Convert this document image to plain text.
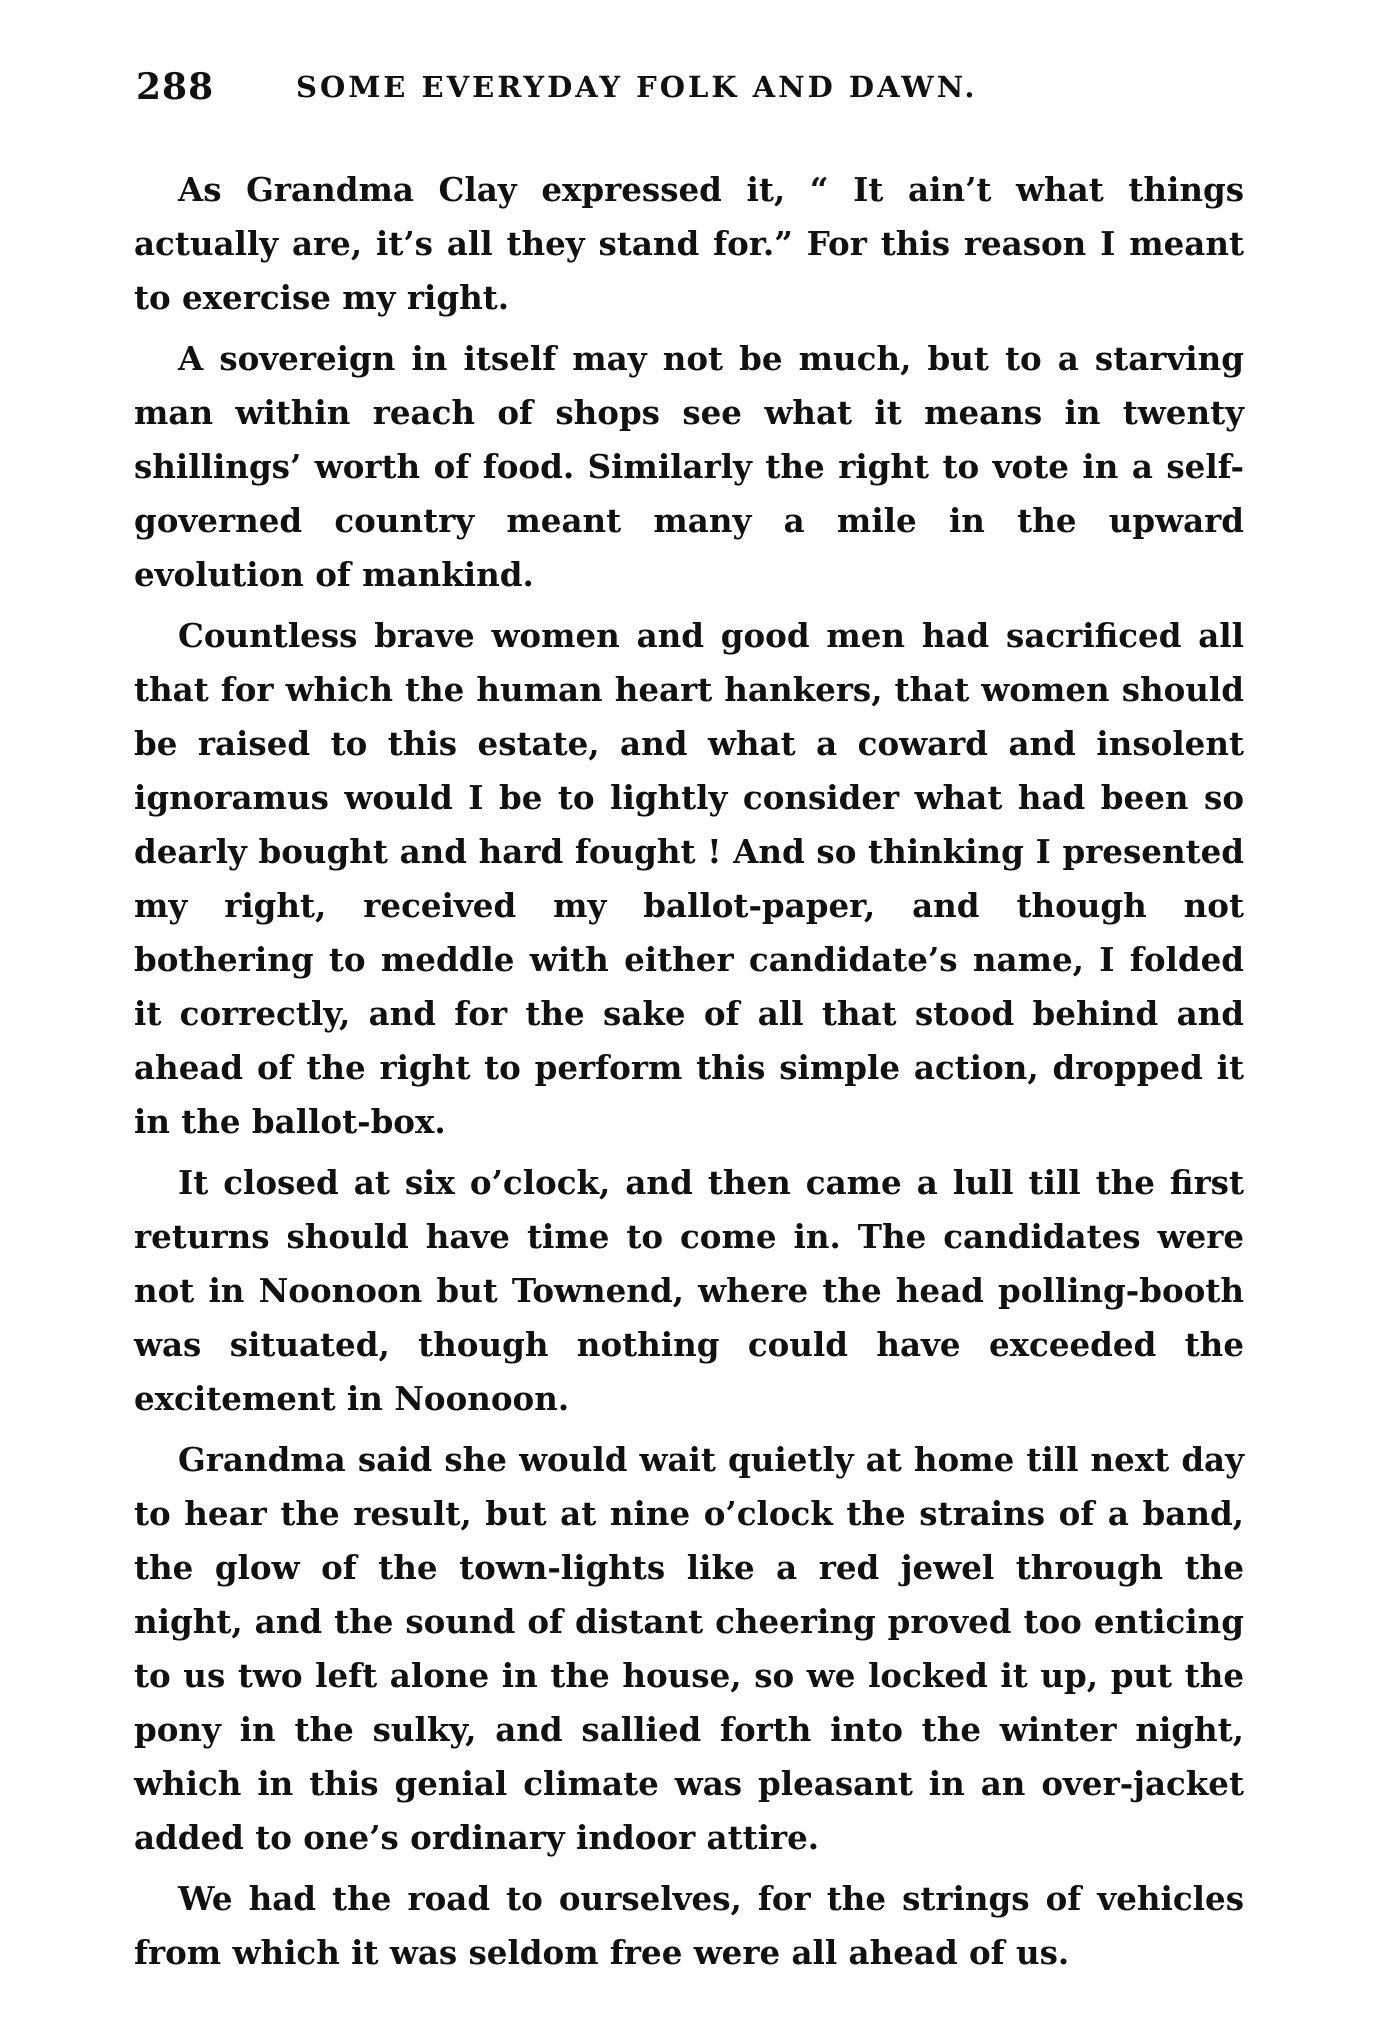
288	SOME EVERYDAY FOLK AND DAWN.

As Grandma Clay expressed it, “ It ain’t what things actually are, it’s all they stand for.” For this reason I meant to exercise my right.

A sovereign in itself may not be much, but to a starving man within reach of shops see what it means in twenty shillings’ worth of food. Similarly the right to vote in a self-governed country meant many a mile in the upward evolution of mankind.

Countless brave women and good men had sacrificed all that for which the human heart hankers, that women should be raised to this estate, and what a coward and insolent ignoramus would I be to lightly consider what had been so dearly bought and hard fought ! And so thinking I presented my right, received my ballot-paper, and though not bothering to meddle with either candidate’s name, I folded it correctly, and for the sake of all that stood behind and ahead of the right to perform this simple action, dropped it in the ballot-box.

It closed at six o’clock, and then came a lull till the first returns should have time to come in. The candidates were not in Noonoon but Townend, where the head polling-booth was situated, though nothing could have exceeded the excitement in Noonoon.

Grandma said she would wait quietly at home till next day to hear the result, but at nine o’clock the strains of a band, the glow of the town-lights like a red jewel through the night, and the sound of distant cheering proved too enticing to us two left alone in the house, so we locked it up, put the pony in the sulky, and sallied forth into the winter night, which in this genial climate was pleasant in an over-jacket added to one’s ordinary indoor attire.

We had the road to ourselves, for the strings of vehicles from which it was seldom free were all ahead of us.
